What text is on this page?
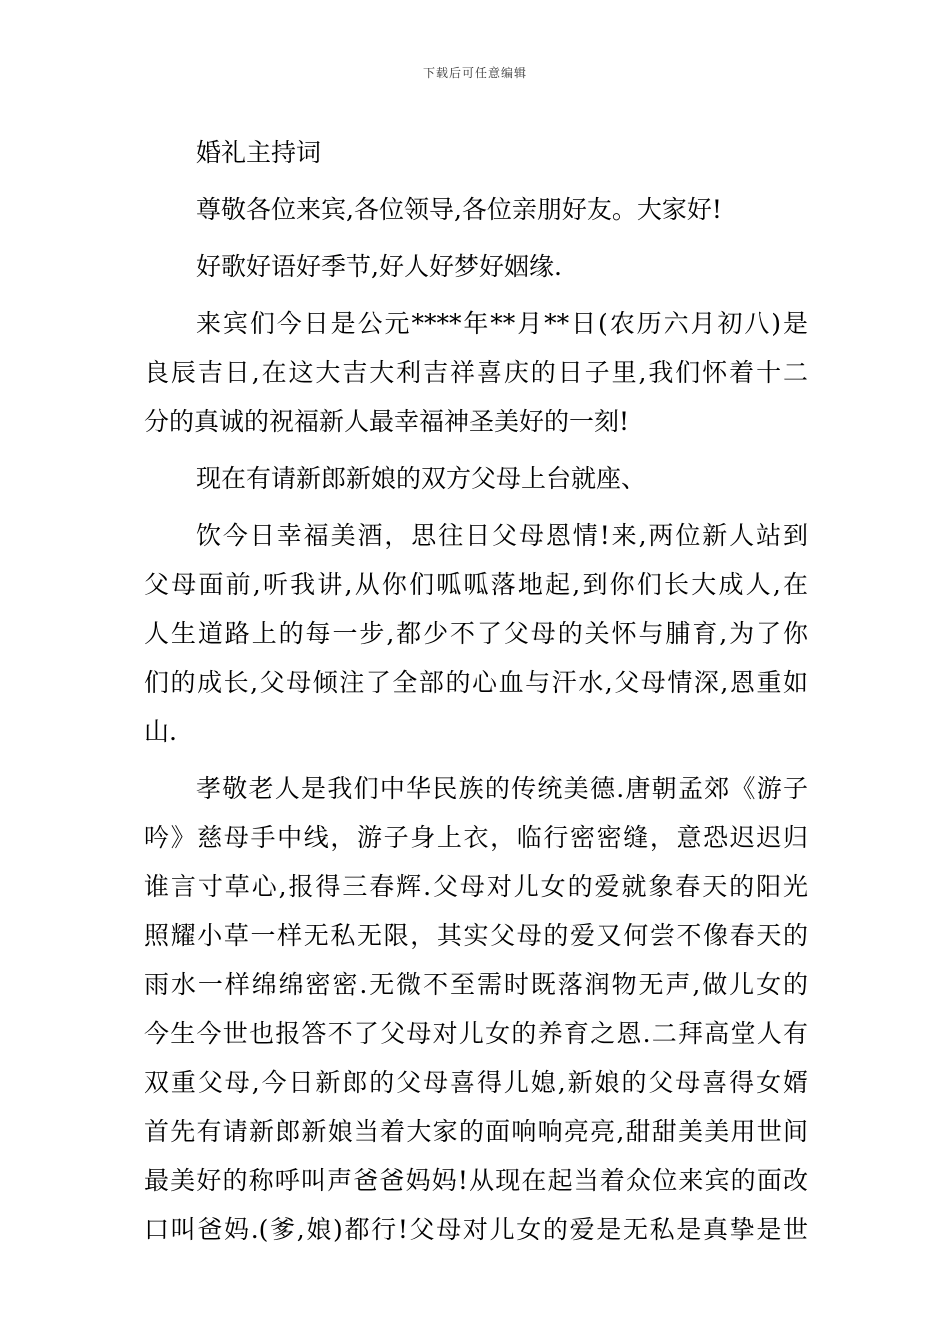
下载后可任意编辑
婚礼主持词
尊敬各位来宾,各位领导,各位亲朋好友。大家好!
好歌好语好季节,好人好梦好姻缘.
来宾们今日是公元****年**月**日(农历六月初八)是
良辰吉日,在这大吉大利吉祥喜庆的日子里,我们怀着十二
分的真诚的祝福新人最幸福神圣美好的一刻!
现在有请新郎新娘的双方父母上台就座、
饮今日幸福美酒，思往日父母恩情!来,两位新人站到
父母面前,听我讲,从你们呱呱落地起,到你们长大成人,在
人生道路上的每一步,都少不了父母的关怀与脯育,为了你
们的成长,父母倾注了全部的心血与汗水,父母情深,恩重如
山.
孝敬老人是我们中华民族的传统美德.唐朝孟郊《游子
吟》慈母手中线，游子身上衣，临行密密缝，意恐迟迟归
谁言寸草心,报得三春辉.父母对儿女的爱就象春天的阳光
照耀小草一样无私无限，其实父母的爱又何尝不像春天的
雨水一样绵绵密密.无微不至需时既落润物无声,做儿女的
今生今世也报答不了父母对儿女的养育之恩.二拜高堂人有
双重父母,今日新郎的父母喜得儿媳,新娘的父母喜得女婿
首先有请新郎新娘当着大家的面响响亮亮,甜甜美美用世间
最美好的称呼叫声爸爸妈妈!从现在起当着众位来宾的面改
口叫爸妈.(爹,娘)都行!父母对儿女的爱是无私是真挚是世
